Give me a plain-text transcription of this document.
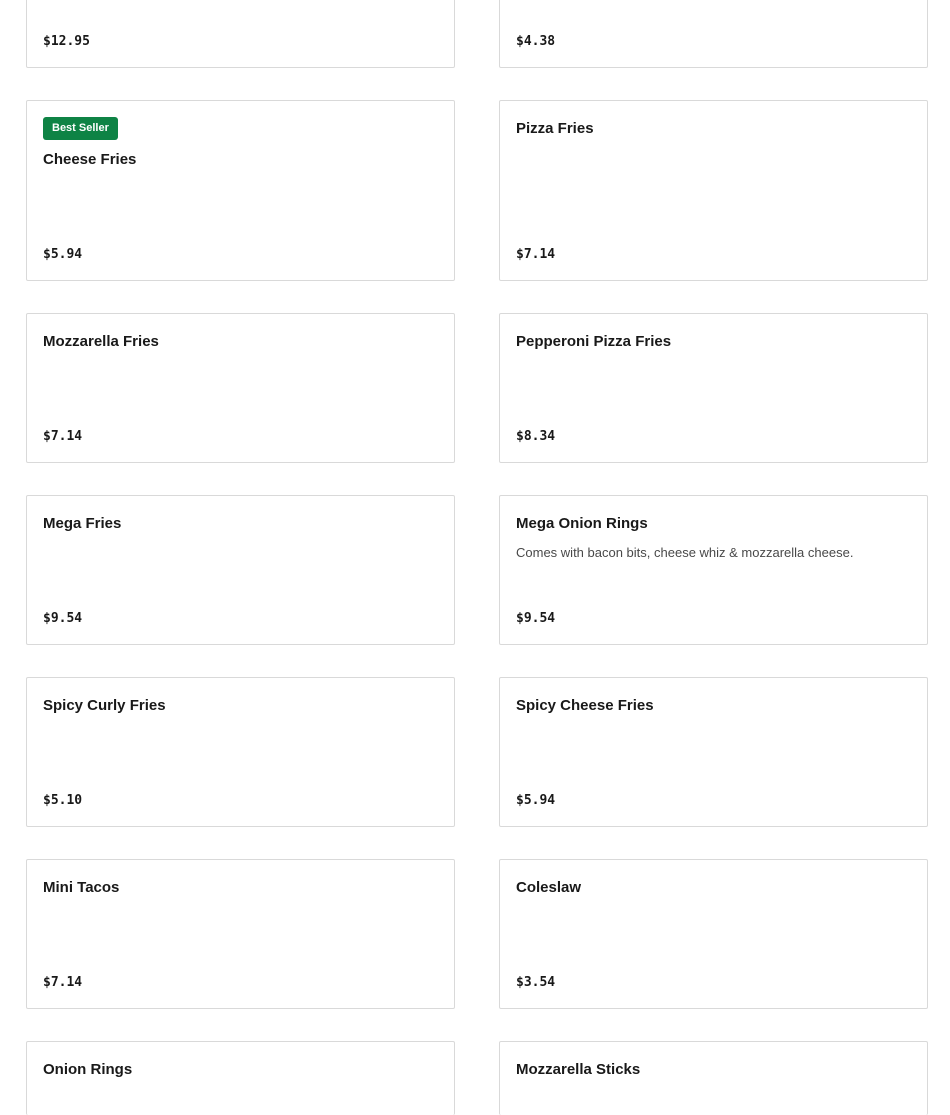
$12.95	$4.38
Best Seller
Cheese Fries
$5.94
Pizza Fries
$7.14
Mozzarella Fries
$7.14
Pepperoni Pizza Fries
$8.34
Mega Fries
$9.54
Mega Onion Rings
Comes with bacon bits, cheese whiz & mozzarella cheese.
$9.54
Spicy Curly Fries
$5.10
Spicy Cheese Fries
$5.94
Mini Tacos
$7.14
Coleslaw
$3.54
Onion Rings	Mozzarella Sticks
